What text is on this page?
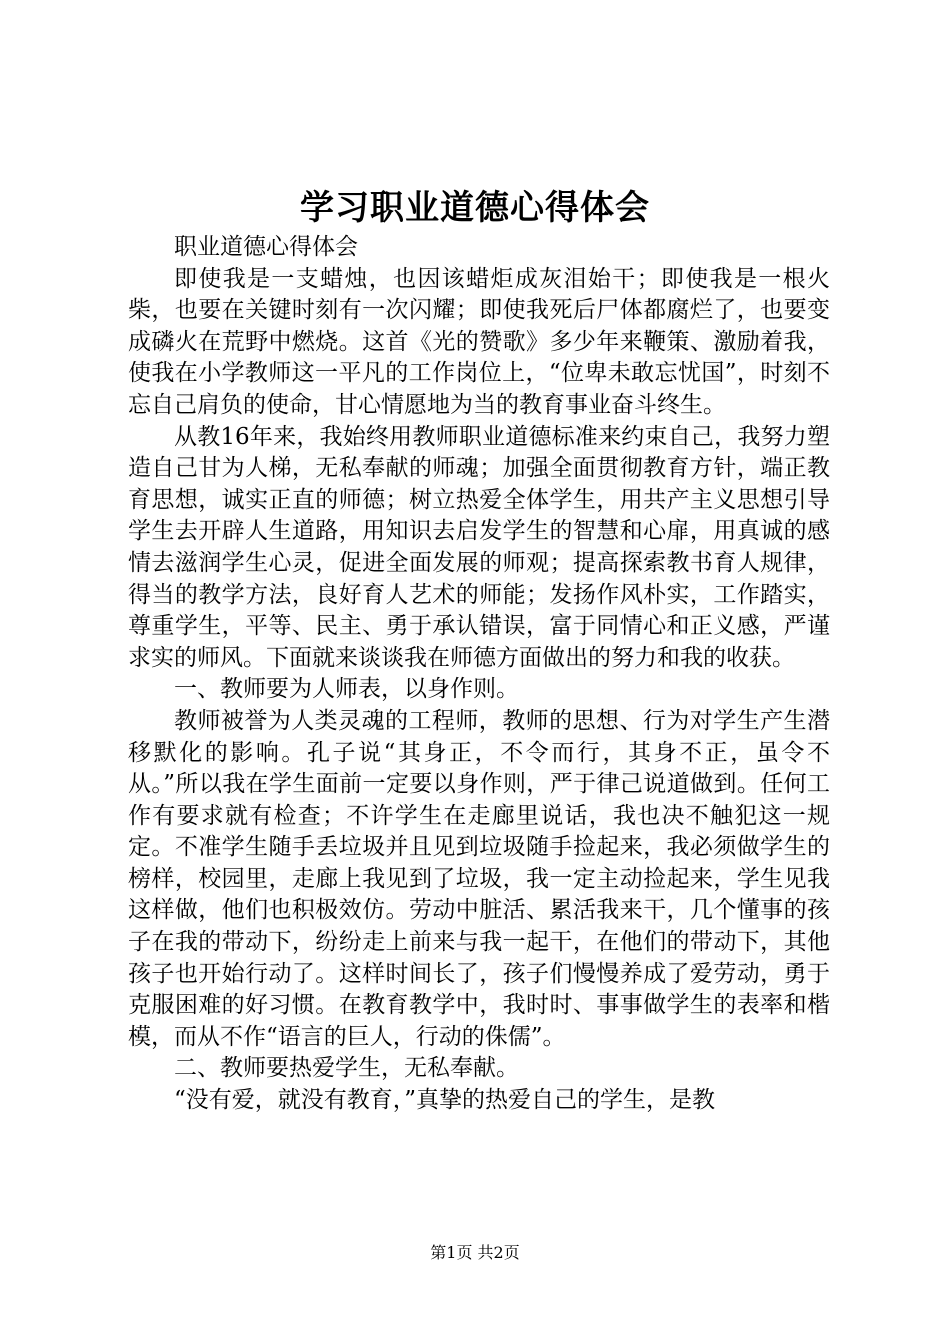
学习职业道德心得体会

职业道德心得体会

即使我是一支蜡烛，也因该蜡炬成灰泪始干；即使我是一根火柴，也要在关键时刻有一次闪耀；即使我死后尸体都腐烂了，也要变成磷火在荒野中燃烧。这首《光的赞歌》多少年来鞭策、激励着我，使我在小学教师这一平凡的工作岗位上，“位卑未敢忘忧国”，时刻不忘自己肩负的使命，甘心情愿地为当的教育事业奋斗终生。

从教16年来，我始终用教师职业道德标准来约束自己，我努力塑造自己甘为人梯，无私奉献的师魂；加强全面贯彻教育方针，端正教育思想，诚实正直的师德；树立热爱全体学生，用共产主义思想引导学生去开辟人生道路，用知识去启发学生的智慧和心扉，用真诚的感情去滋润学生心灵，促进全面发展的师观；提高探索教书育人规律，得当的教学方法，良好育人艺术的师能；发扬作风朴实，工作踏实，尊重学生，平等、民主、勇于承认错误，富于同情心和正义感，严谨求实的师风。下面就来谈谈我在师德方面做出的努力和我的收获。

一、教师要为人师表，以身作则。

教师被誉为人类灵魂的工程师，教师的思想、行为对学生产生潜移默化的影响。孔子说“其身正，不令而行，其身不正，虽令不从。”所以我在学生面前一定要以身作则，严于律己说道做到。任何工作有要求就有检查；不许学生在走廊里说话，我也决不触犯这一规定。不准学生随手丢垃圾并且见到垃圾随手捡起来，我必须做学生的榜样，校园里，走廊上我见到了垃圾，我一定主动捡起来，学生见我这样做，他们也积极效仿。劳动中脏活、累活我来干，几个懂事的孩子在我的带动下，纷纷走上前来与我一起干，在他们的带动下，其他孩子也开始行动了。这样时间长了，孩子们慢慢养成了爱劳动，勇于克服困难的好习惯。在教育教学中，我时时、事事做学生的表率和楷模，而从不作“语言的巨人，行动的侏儒”。

二、教师要热爱学生，无私奉献。

“没有爱，就没有教育，”真挚的热爱自己的学生，是教

第1页 共2页
